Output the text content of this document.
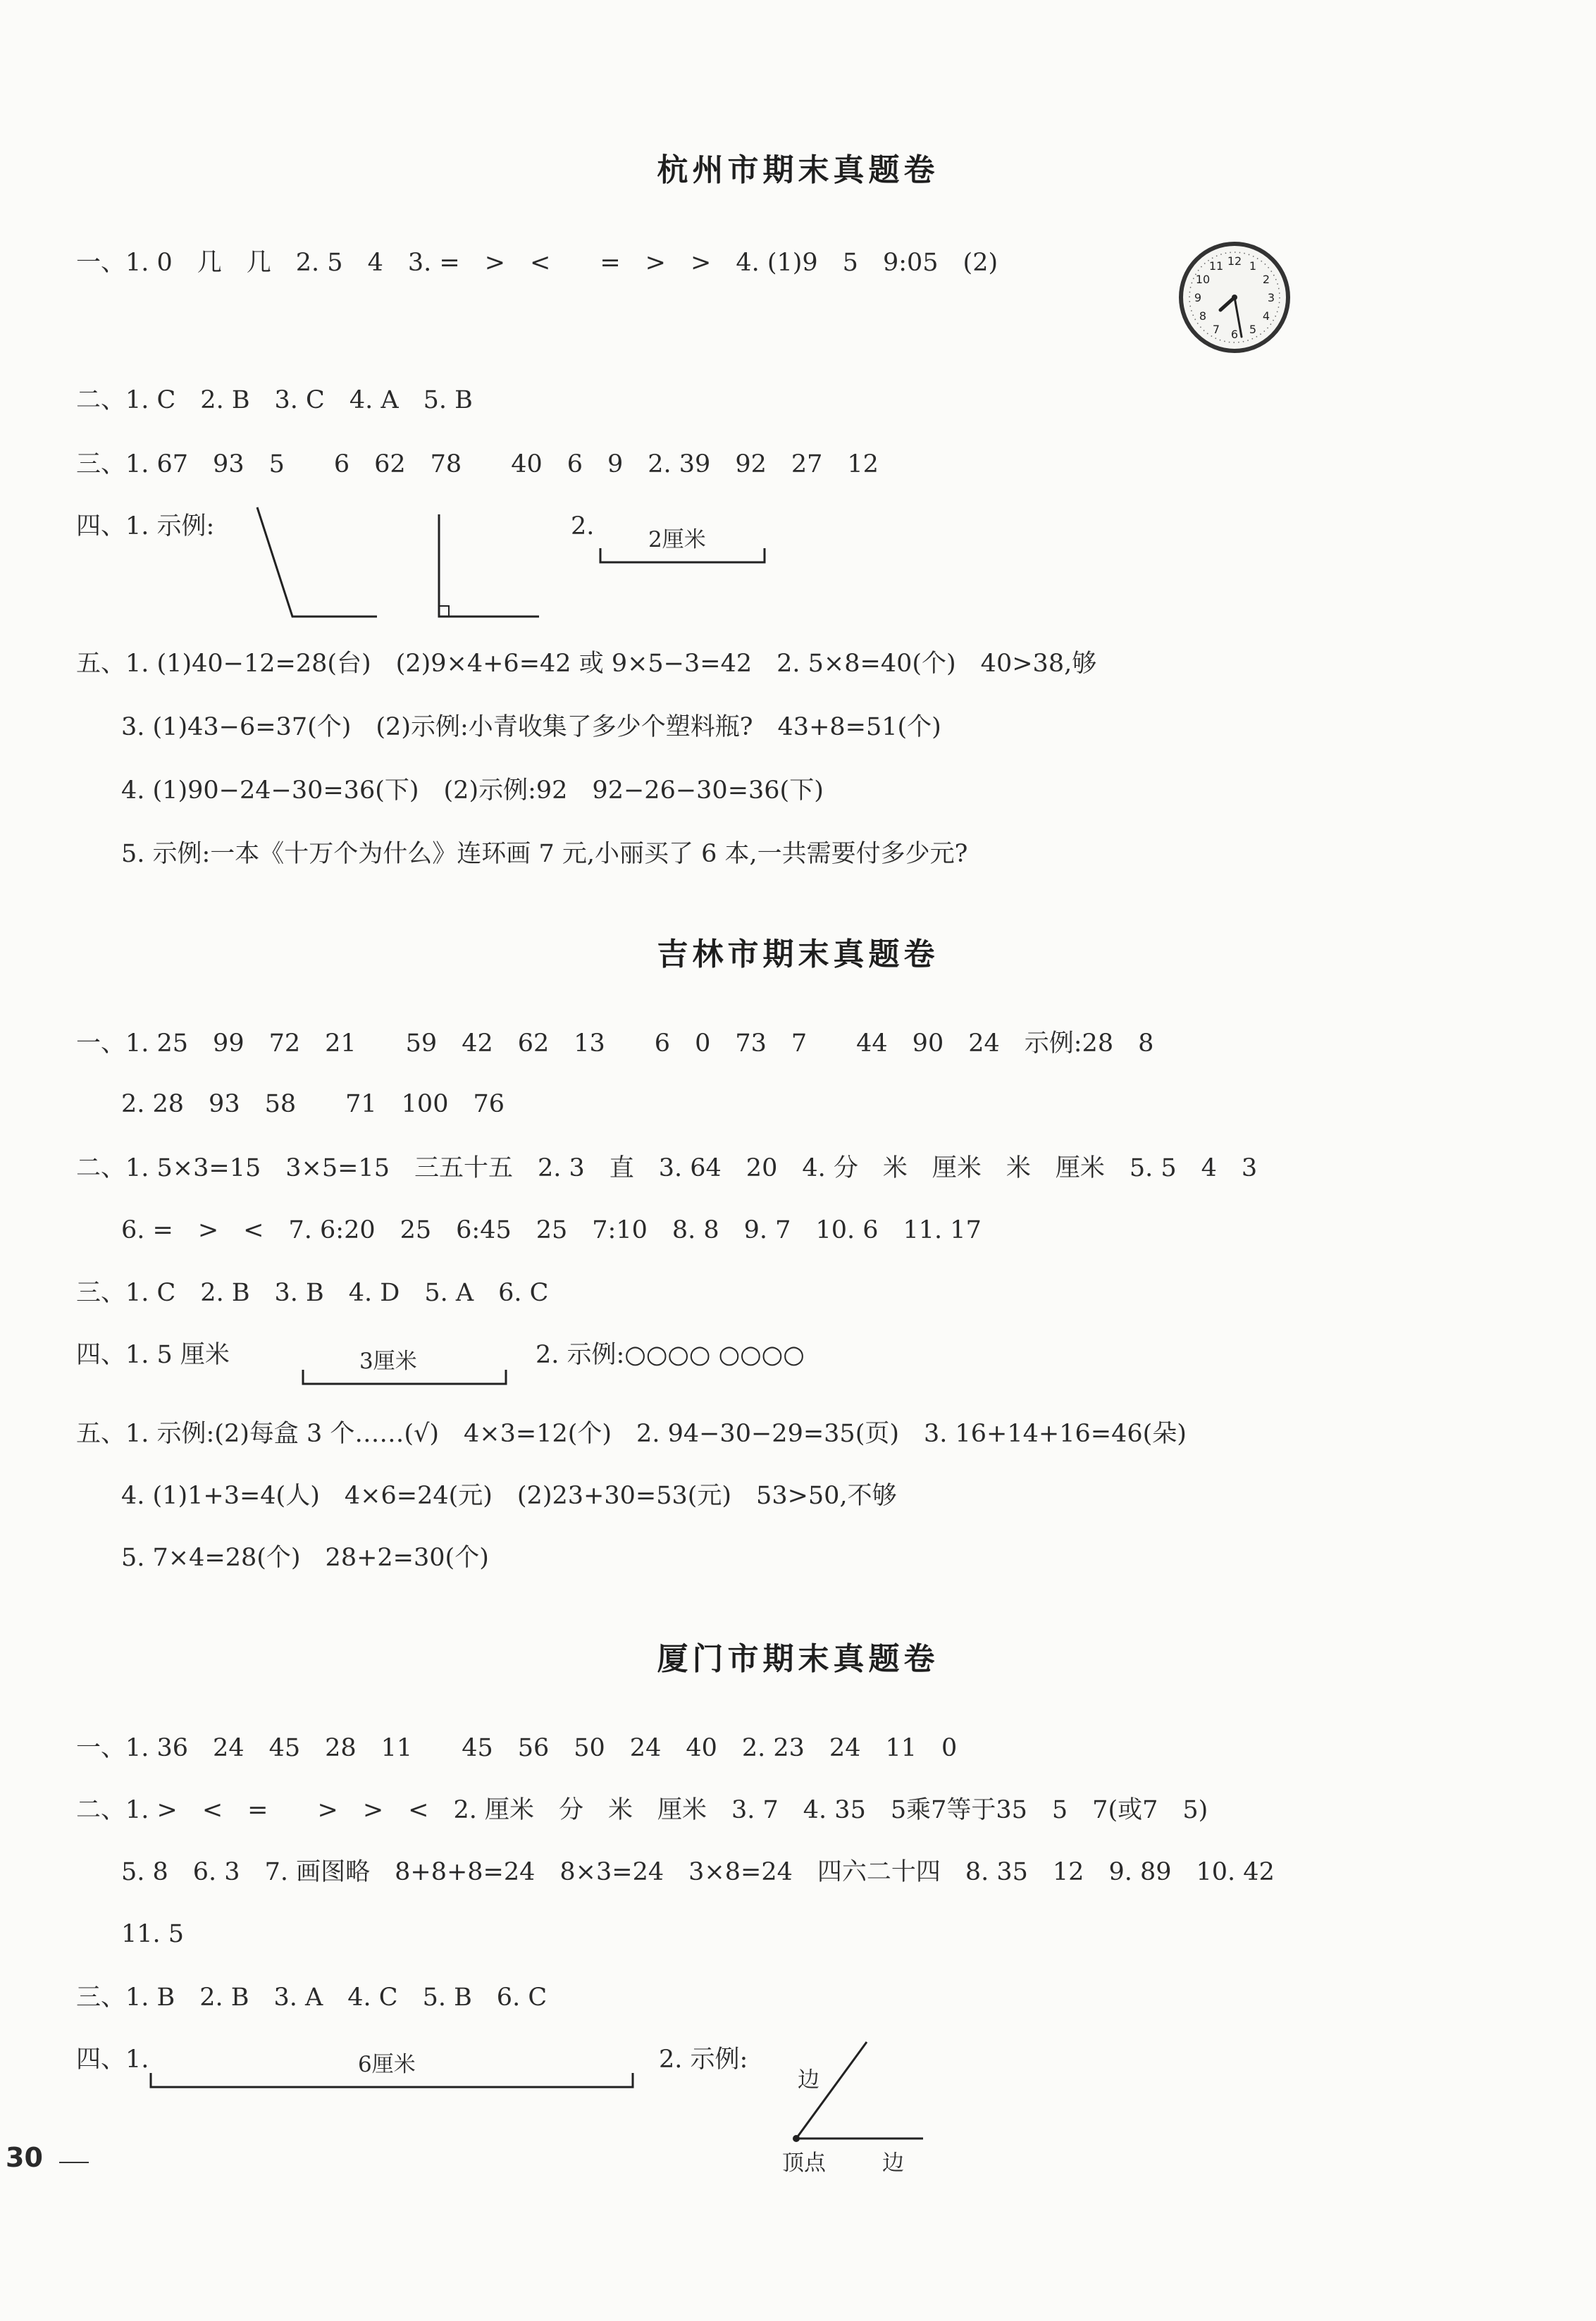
杭州市期末真题卷
一、1. 0　几　几　2. 5　4　3. =　>　<　　=　>　>　4. (1)9　5　9:05　(2)	12 1
2
3
4
5
6
7
8
9
10
11
二、1. C　2. B　3. C　4. A　5. B
三、1. 67　93　5　　6　62　78　　40　6　9　2. 39　92　27　12
四、1. 示例:	2. 2厘米
五、1. (1)40−12=28(台)　(2)9×4+6=42 或 9×5−3=42　2. 5×8=40(个)　40>38,够
3. (1)43−6=37(个)　(2)示例:小青收集了多少个塑料瓶?　43+8=51(个)
4. (1)90−24−30=36(下)　(2)示例:92　92−26−30=36(下)
5. 示例:一本《十万个为什么》连环画 7 元,小丽买了 6 本,一共需要付多少元?
吉林市期末真题卷
一、1. 25　99　72　21　　59　42　62　13　　6　0　73　7　　44　90　24　示例:28　8
2. 28　93　58　　71　100　76
二、1. 5×3=15　3×5=15　三五十五　2. 3　直　3. 64　20　4. 分　米　厘米　米　厘米　5. 5　4　3
6. =　>　<　7. 6:20　25　6:45　25　7:10　8. 8　9. 7　10. 6　11. 17
三、1. C　2. B　3. B　4. D　5. A　6. C
四、1. 5 厘米	3厘米	2. 示例:○○○○ ○○○○
五、1. 示例:(2)每盒 3 个……(√)　4×3=12(个)　2. 94−30−29=35(页)　3. 16+14+16=46(朵)
4. (1)1+3=4(人)　4×6=24(元)　(2)23+30=53(元)　53>50,不够
5. 7×4=28(个)　28+2=30(个)
厦门市期末真题卷
一、1. 36　24　45　28　11　　45　56　50　24　40　2. 23　24　11　0
二、1. >　<　=　　>　>　<　2. 厘米　分　米　厘米　3. 7　4. 35　5乘7等于35　5　7(或7　5)
5. 8　6. 3　7. 画图略　8+8+8=24　8×3=24　3×8=24　四六二十四　8. 35　12　9. 89　10. 42
11. 5
三、1. B　2. B　3. A　4. C　5. B　6. C
四、1.	6厘米	2. 示例:
边
顶点	边
30
